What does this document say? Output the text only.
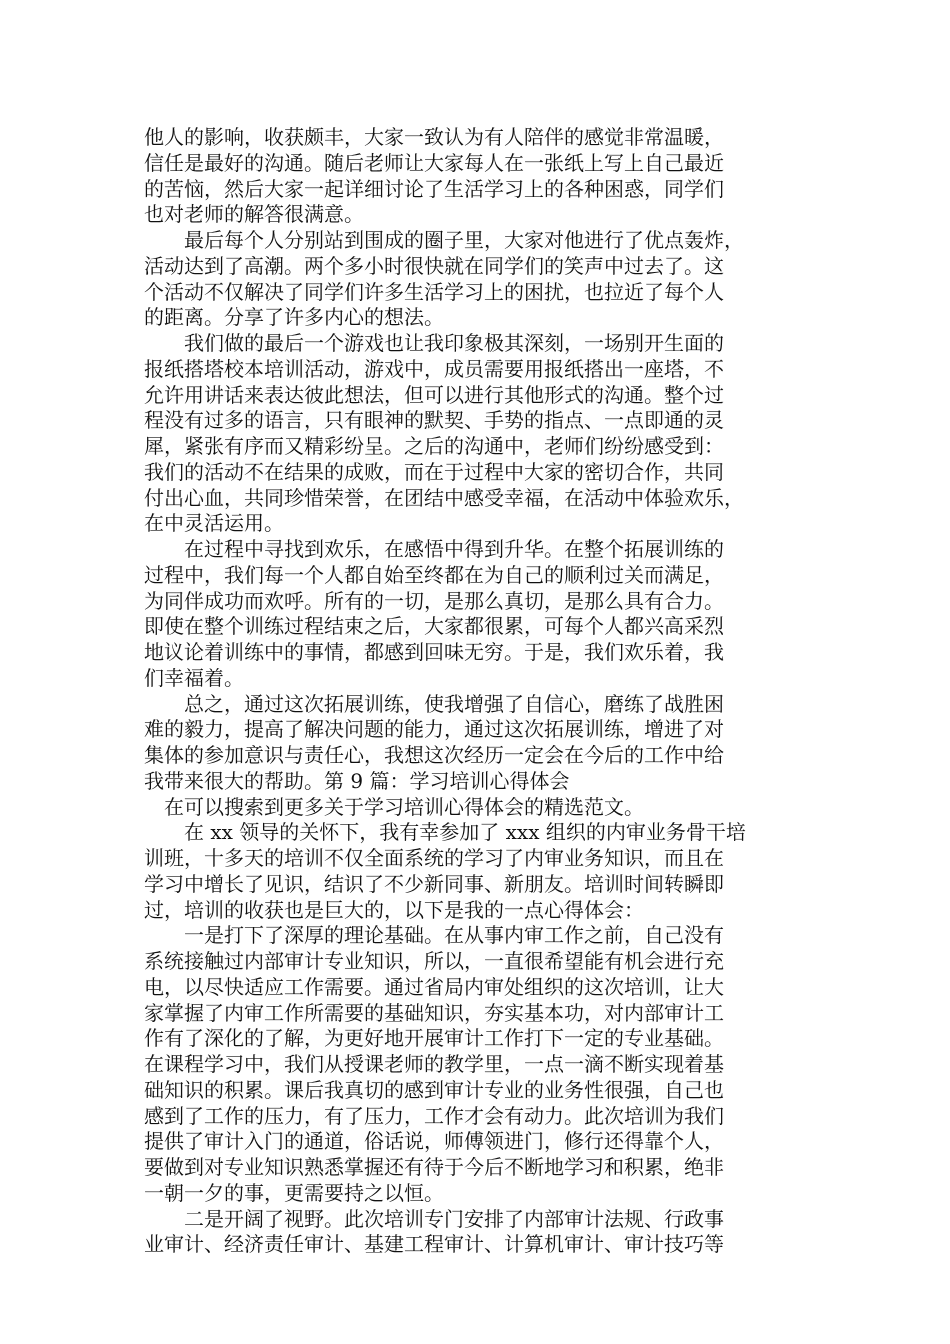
他人的影响，收获颇丰，大家一致认为有人陪伴的感觉非常温暖，
信任是最好的沟通。随后老师让大家每人在一张纸上写上自己最近
的苦恼，然后大家一起详细讨论了生活学习上的各种困惑，同学们
也对老师的解答很满意。
最后每个人分别站到围成的圈子里，大家对他进行了优点轰炸，
活动达到了高潮。两个多小时很快就在同学们的笑声中过去了。这
个活动不仅解决了同学们许多生活学习上的困扰，也拉近了每个人
的距离。分享了许多内心的想法。
我们做的最后一个游戏也让我印象极其深刻，一场别开生面的
报纸搭塔校本培训活动，游戏中，成员需要用报纸搭出一座塔，不
允许用讲话来表达彼此想法，但可以进行其他形式的沟通。整个过
程没有过多的语言，只有眼神的默契、手势的指点、一点即通的灵
犀，紧张有序而又精彩纷呈。之后的沟通中，老师们纷纷感受到：
我们的活动不在结果的成败，而在于过程中大家的密切合作，共同
付出心血，共同珍惜荣誉，在团结中感受幸福，在活动中体验欢乐，
在中灵活运用。
在过程中寻找到欢乐，在感悟中得到升华。在整个拓展训练的
过程中，我们每一个人都自始至终都在为自己的顺利过关而满足，
为同伴成功而欢呼。所有的一切，是那么真切，是那么具有合力。
即使在整个训练过程结束之后，大家都很累，可每个人都兴高采烈
地议论着训练中的事情，都感到回味无穷。于是，我们欢乐着，我
们幸福着。
总之，通过这次拓展训练，使我增强了自信心，磨练了战胜困
难的毅力，提高了解决问题的能力，通过这次拓展训练，增进了对
集体的参加意识与责任心，我想这次经历一定会在今后的工作中给
我带来很大的帮助。第 9 篇：学习培训心得体会
在可以搜索到更多关于学习培训心得体会的精选范文。
在 xx 领导的关怀下，我有幸参加了 xxx 组织的内审业务骨干培
训班，十多天的培训不仅全面系统的学习了内审业务知识，而且在
学习中增长了见识，结识了不少新同事、新朋友。培训时间转瞬即
过，培训的收获也是巨大的，以下是我的一点心得体会：
一是打下了深厚的理论基础。在从事内审工作之前，自己没有
系统接触过内部审计专业知识，所以，一直很希望能有机会进行充
电，以尽快适应工作需要。通过省局内审处组织的这次培训，让大
家掌握了内审工作所需要的基础知识，夯实基本功，对内部审计工
作有了深化的了解，为更好地开展审计工作打下一定的专业基础。
在课程学习中，我们从授课老师的教学里，一点一滴不断实现着基
础知识的积累。课后我真切的感到审计专业的业务性很强，自己也
感到了工作的压力，有了压力，工作才会有动力。此次培训为我们
提供了审计入门的通道，俗话说，师傅领进门，修行还得靠个人，
要做到对专业知识熟悉掌握还有待于今后不断地学习和积累，绝非
一朝一夕的事，更需要持之以恒。
二是开阔了视野。此次培训专门安排了内部审计法规、行政事
业审计、经济责任审计、基建工程审计、计算机审计、审计技巧等
